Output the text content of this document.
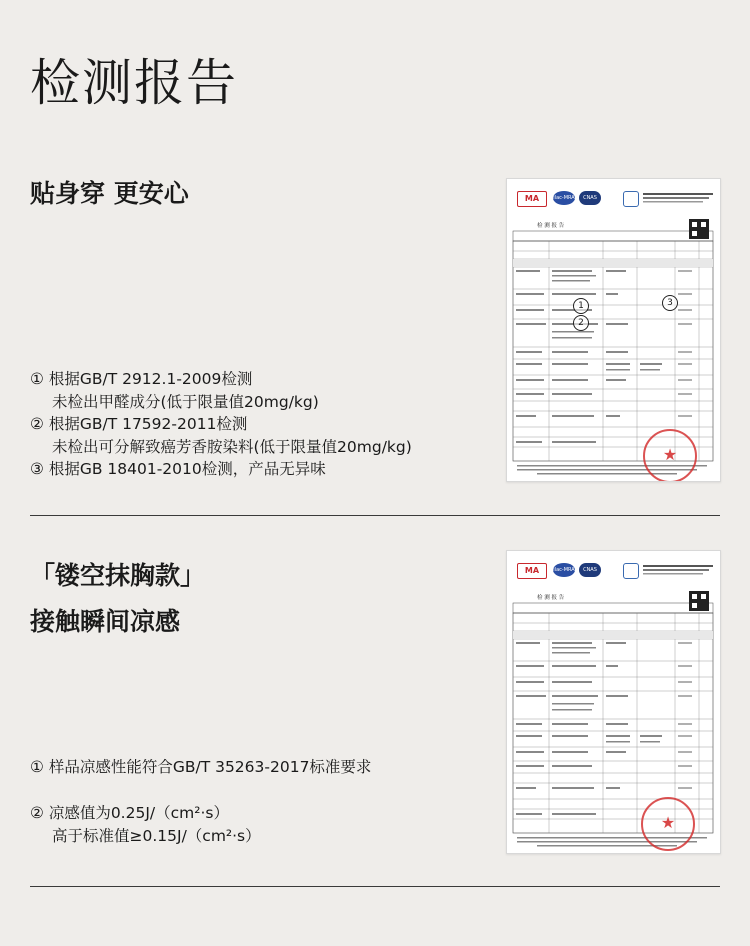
检测报告
贴身穿 更安心
① 根据GB/T 2912.1-2009检测
未检出甲醛成分(低于限量值20mg/kg)
② 根据GB/T 17592-2011检测
未检出可分解致癌芳香胺染料(低于限量值20mg/kg)
③ 根据GB 18401-2010检测，产品无异味
MA	ilac-MRA	CNAS
检 测 报 告
1
2
3
★
「镂空抹胸款」
接触瞬间凉感
① 样品凉感性能符合GB/T 35263-2017标准要求
② 凉感值为0.25J/（cm²·s）
高于标准值≥0.15J/（cm²·s）
MA	ilac-MRA	CNAS
检 测 报 告
★
